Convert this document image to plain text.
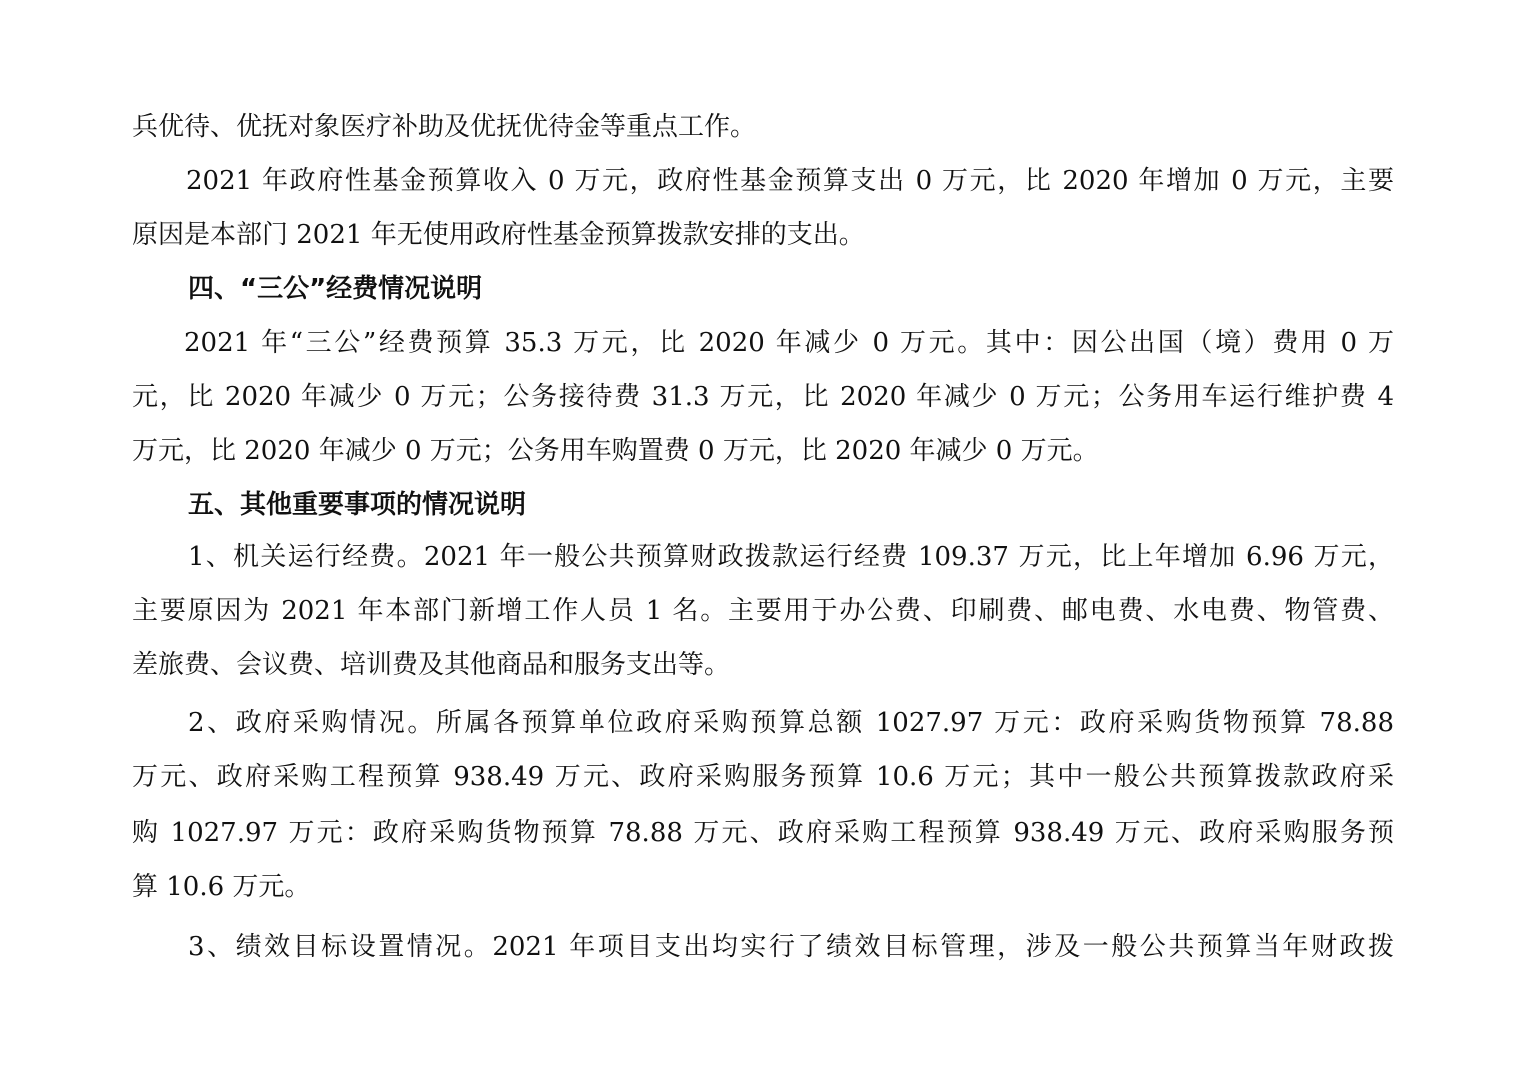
兵优待、优抚对象医疗补助及优抚优待金等重点工作。
2021 年政府性基金预算收入 0 万元，政府性基金预算支出 0 万元，比 2020 年增加 0 万元，主要
原因是本部门 2021 年无使用政府性基金预算拨款安排的支出。
四、“三公”经费情况说明
2021 年“三公”经费预算 35.3 万元，比 2020 年减少 0 万元。其中：因公出国（境）费用 0 万
元，比 2020 年减少 0 万元；公务接待费 31.3 万元，比 2020 年减少 0 万元；公务用车运行维护费 4
万元，比 2020 年减少 0 万元；公务用车购置费 0 万元，比 2020 年减少 0 万元。
五、其他重要事项的情况说明
1、机关运行经费。2021 年一般公共预算财政拨款运行经费 109.37 万元，比上年增加 6.96 万元，
主要原因为 2021 年本部门新增工作人员 1 名。主要用于办公费、印刷费、邮电费、水电费、物管费、
差旅费、会议费、培训费及其他商品和服务支出等。
2、政府采购情况。所属各预算单位政府采购预算总额 1027.97 万元：政府采购货物预算 78.88
万元、政府采购工程预算 938.49 万元、政府采购服务预算 10.6 万元；其中一般公共预算拨款政府采
购 1027.97 万元：政府采购货物预算 78.88 万元、政府采购工程预算 938.49 万元、政府采购服务预
算 10.6 万元。
3、绩效目标设置情况。2021 年项目支出均实行了绩效目标管理，涉及一般公共预算当年财政拨
